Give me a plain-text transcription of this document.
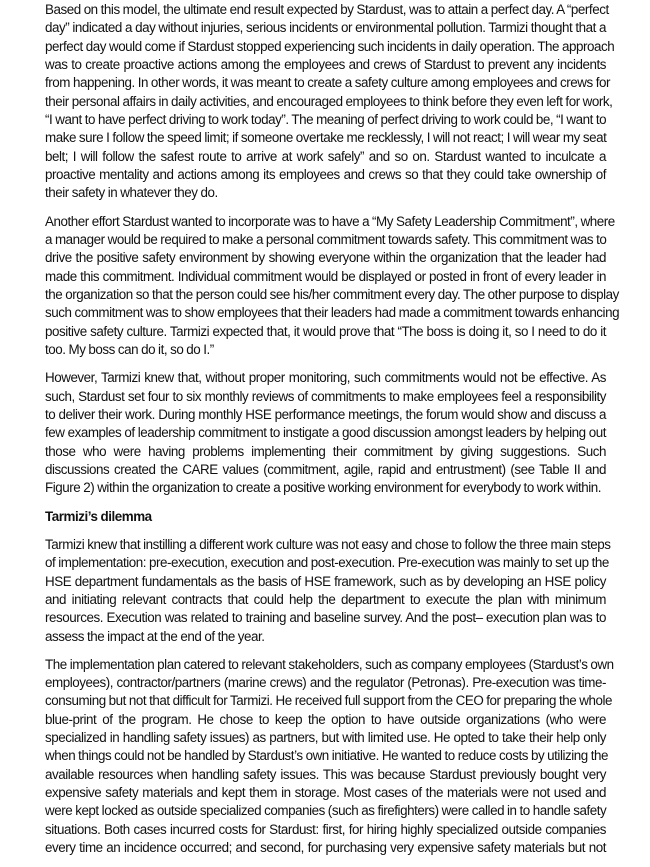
Based on this model, the ultimate end result expected by Stardust, was to attain a perfect day. A “perfect
day” indicated a day without injuries, serious incidents or environmental pollution. Tarmizi thought that a
perfect day would come if Stardust stopped experiencing such incidents in daily operation. The approach
was to create proactive actions among the employees and crews of Stardust to prevent any incidents
from happening. In other words, it was meant to create a safety culture among employees and crews for
their personal affairs in daily activities, and encouraged employees to think before they even left for work,
“I want to have perfect driving to work today”. The meaning of perfect driving to work could be, “I want to
make sure I follow the speed limit; if someone overtake me recklessly, I will not react; I will wear my seat
belt; I will follow the safest route to arrive at work safely” and so on. Stardust wanted to inculcate a
proactive mentality and actions among its employees and crews so that they could take ownership of
their safety in whatever they do.
Another effort Stardust wanted to incorporate was to have a “My Safety Leadership Commitment”, where
a manager would be required to make a personal commitment towards safety. This commitment was to
drive the positive safety environment by showing everyone within the organization that the leader had
made this commitment. Individual commitment would be displayed or posted in front of every leader in
the organization so that the person could see his/her commitment every day. The other purpose to display
such commitment was to show employees that their leaders had made a commitment towards enhancing
positive safety culture. Tarmizi expected that, it would prove that “The boss is doing it, so I need to do it
too. My boss can do it, so do I.”
However, Tarmizi knew that, without proper monitoring, such commitments would not be effective. As
such, Stardust set four to six monthly reviews of commitments to make employees feel a responsibility
to deliver their work. During monthly HSE performance meetings, the forum would show and discuss a
few examples of leadership commitment to instigate a good discussion amongst leaders by helping out
those who were having problems implementing their commitment by giving suggestions. Such
discussions created the CARE values (commitment, agile, rapid and entrustment) (see Table II and
Figure 2) within the organization to create a positive working environment for everybody to work within.
Tarmizi’s dilemma
Tarmizi knew that instilling a different work culture was not easy and chose to follow the three main steps
of implementation: pre-execution, execution and post-execution. Pre-execution was mainly to set up the
HSE department fundamentals as the basis of HSE framework, such as by developing an HSE policy
and initiating relevant contracts that could help the department to execute the plan with minimum
resources. Execution was related to training and baseline survey. And the post– execution plan was to
assess the impact at the end of the year.
The implementation plan catered to relevant stakeholders, such as company employees (Stardust’s own
employees), contractor/partners (marine crews) and the regulator (Petronas). Pre-execution was time-
consuming but not that difficult for Tarmizi. He received full support from the CEO for preparing the whole
blue-print of the program. He chose to keep the option to have outside organizations (who were
specialized in handling safety issues) as partners, but with limited use. He opted to take their help only
when things could not be handled by Stardust’s own initiative. He wanted to reduce costs by utilizing the
available resources when handling safety issues. This was because Stardust previously bought very
expensive safety materials and kept them in storage. Most cases of the materials were not used and
were kept locked as outside specialized companies (such as firefighters) were called in to handle safety
situations. Both cases incurred costs for Stardust: first, for hiring highly specialized outside companies
every time an incidence occurred; and second, for purchasing very expensive safety materials but not
